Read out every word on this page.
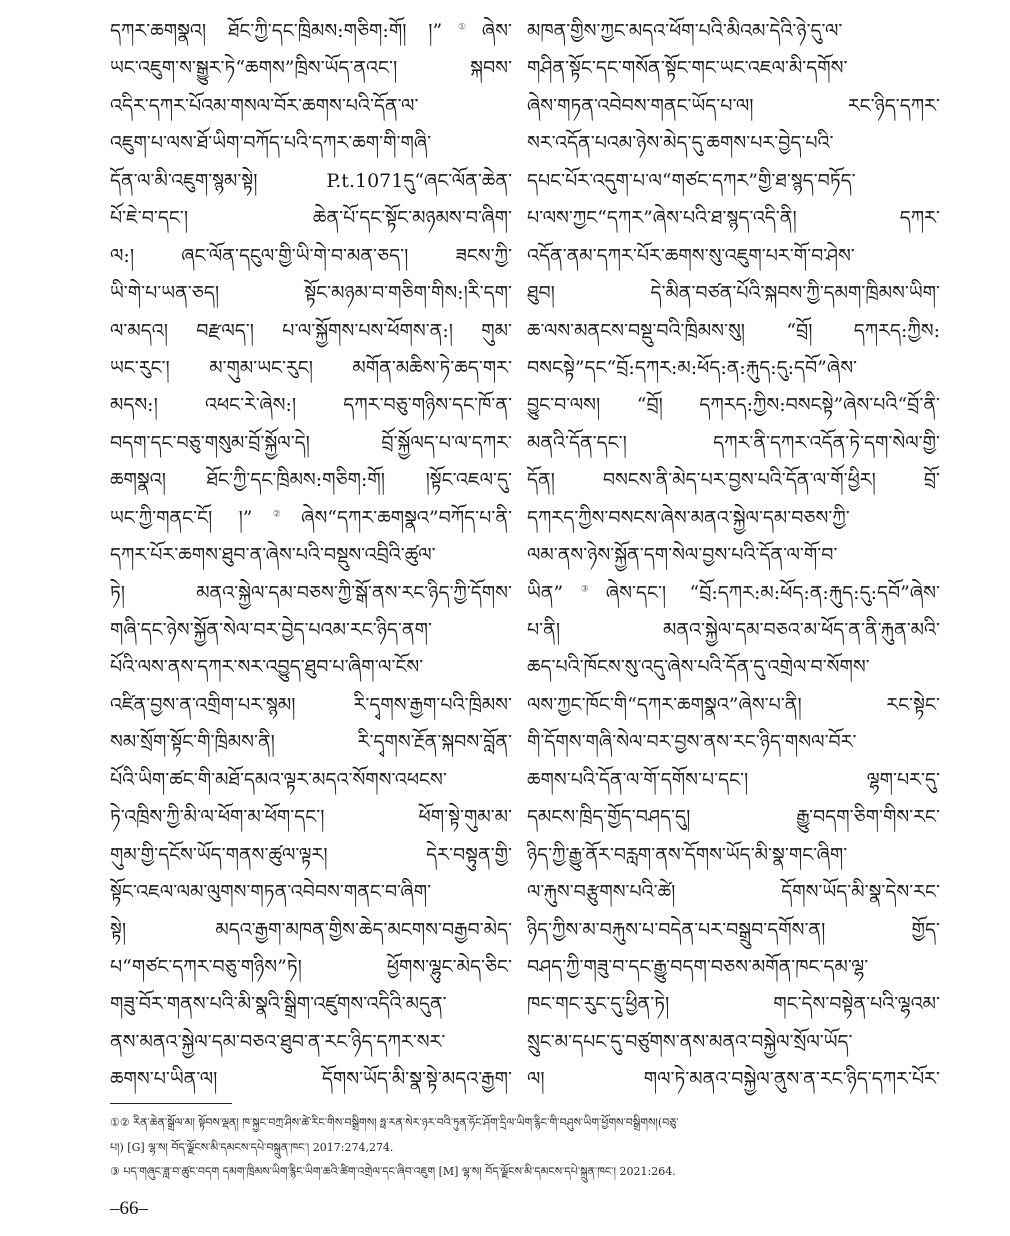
དཀར་ཆགསྣའ། ཐོང་ཀྱི་དང་ཁྲིམས:གཅིག:གོ། །”①ཞེས་
ཡང་འཇུག་ས་སྒྱུར་ཏེ“ཆགས”ཁྲིས་ཡོད་ནའང་། སྐབས་
འདིར་དཀར་པོའམ་གསལ་བོར་ཆགས་པའི་དོན་ལ་
འཇུག་པ་ལས་ཐོ་ཡིག་བཀོད་པའི་དཀར་ཆག་གི་གཞི་
དོན་ལ་མི་འཇུག་སྙམ་སྟེ། P.t.1071དུ“ཞང་ལོན་ཆེན་
པོ་ཇེ་བ་དང་། ཆེན་པོ་དང་སྟོང་མཉམས་བ་ཞིག་
ལ:། ཞང་ལོན་དངུལ་གྱི་ཡི་གེ་བ་མན་ཅད་། ཟངས་ཀྱི་
ཡི་གེ་པ་ཡན་ཅད། སྟོང་མཉམ་བ་གཅིག་གིས:།རི་དག་
ལ་མདའ། བརྫལད་། པ་ལ་སྐྱོགས་པས་ཕོགས་ན:། གུམ་
ཡང་རུང་། མ་གུམ་ཡང་རུང། མགོན་མཆིས་ཏེ་ཆད་གར་
མདས:། འཕང་རེ་ཞེས:། དཀར་བཅུ་གཉིས་དང་ཁོ་ན་
བདག་དང་བཅུ་གསུམ་བྲོ་སྐྱོལ་དེ། བྲོ་སྐྱོལད་པ་ལ་དཀར་
ཆགསྣའ། ཐོང་ཀྱི་དང་ཁྲིམས:གཅིག:གོ། །སྟོང་འཇལ་དུ་
ཡང་ཀྱི་གནང་ངོ། །”②ཞེས“དཀར་ཆགསྣའ”བཀོད་པ་ནི་
དཀར་པོར་ཆགས་ཐུབ་ན་ཞེས་པའི་བསྡུས་འབྲིའི་ཚུལ་
ཏེ། མནའ་སྐྱེལ་དམ་བཅས་ཀྱི་སྒོ་ནས་རང་ཉིད་ཀྱི་དོགས་
གཞི་དང་ཉེས་སྐྱོན་སེལ་བར་བྱེད་པའམ་རང་ཉིད་ནག་
པོའི་ལས་ནས་དཀར་སར་འབྱུད་ཐུབ་པ་ཞིག་ལ་ངོས་
འཛིན་བྱས་ན་འགྲིག་པར་སྙམ། རི་དྭགས་རྒྱག་པའི་ཁྲིམས་
སམ་སྲོག་སྟོང་གི་ཁྲིམས་ནི། རི་དྭགས་རྔོན་སྐབས་བློན་
པོའི་ཡིག་ཚང་གི་མཐོ་དམའ་ལྟར་མདའ་སོགས་འཕངས་
ཏེ་འཁྲིས་ཀྱི་མི་ལ་ཕོག་མ་ཕོག་དང་། ཕོག་སྟེ་གུམ་མ་
གུམ་གྱི་དངོས་ཡོད་གནས་ཚུལ་ལྟར། དེར་བསྟུན་གྱི་
སྟོང་འཇལ་ལམ་ལུགས་གཏན་འབེབས་གནང་བ་ཞིག་
སྟེ། མདའ་རྒྱག་མཁན་གྱིས་ཆེད་མངགས་བརྒྱབ་མེད་
པ“གཙང་དཀར་བཅུ་གཉིས”ཏེ། ཕྱོགས་ལྷུང་མེད་ཅིང་
གཟུ་བོར་གནས་པའི་མི་སྣའི་སྒྲིག་འཛུགས་འདིའི་མདུན་
ནས་མནའ་སྐྱེལ་དམ་བཅའ་ཐུབ་ན་རང་ཉིད་དཀར་སར་
ཆགས་པ་ཡིན་ལ། དོགས་ཡོད་མི་སྣ་སྟེ་མདའ་རྒྱག་
མཁན་གྱིས་ཀྱང་མདའ་ཕོག་པའི་མིའམ་དེའི་ཉེ་དུ་ལ་
གཤིན་སྟོང་དང་གསོན་སྟོང་གང་ཡང་འཇལ་མི་དགོས་
ཞེས་གཏན་འབེབས་གནང་ཡོད་པ་ལ། རང་ཉིད་དཀར་
སར་འདོན་པའམ་ཉེས་མེད་དུ་ཆགས་པར་བྱེད་པའི་
དཔང་པོར་འདུག་པ་ལ“གཙང་དཀར”གྱི་ཐ་སྙད་བཏོད་
པ་ལས་ཀྱང“དཀར”ཞེས་པའི་ཐ་སྙད་འདི་ནི། དཀར་
འདོན་ནམ་དཀར་པོར་ཆགས་སུ་འཇུག་པར་གོ་བ་ཤེས་
ཐུབ། དེ་མིན་བཙན་པོའི་སྐབས་ཀྱི་དམག་ཁྲིམས་ཡིག་
ཆ་ལས་མནངས་བསྡུ་བའི་ཁྲིམས་སུ། “བྲོ། དཀརད:ཀྱིས:
བསངསྟེ”དང“བྲོ:དཀར:མ:ཕོད:ན:རྐུད:དུ:དབོ”ཞེས་
བྱུང་བ་ལས། “བྲོ། དཀརད:ཀྱིས:བསངསྟེ”ཞེས་པའི“བྲོ་ནི་
མནའི་དོན་དང་། དཀར་ནི་དཀར་འདོན་ཏེ་དག་སེལ་གྱི་
དོན། བསངས་ནི་མེད་པར་བྱས་པའི་དོན་ལ་གོ་ཕྱིར། བྲོ་
དཀརད་ཀྱིས་བསངས་ཞེས་མནའ་སྐྱེལ་དམ་བཅས་ཀྱི་
ལམ་ནས་ཉེས་སྐྱོན་དག་སེལ་བྱས་པའི་དོན་ལ་གོ་བ་
ཡིན”③ཞེས་དང་། “བྲོ:དཀར:མ:ཕོད:ན:རྐུད:དུ:དབོ”ཞེས་
པ་ནི། མནའ་སྐྱེལ་དམ་བཅའ་མ་ཕོད་ན་ནི་རྐུན་མའི་
ཆད་པའི་ཁོངས་སུ་འདུ་ཞེས་པའི་དོན་དུ་འགྲེལ་བ་སོགས་
ལས་ཀྱང་ཁོང་གི“དཀར་ཆགསྣའ”ཞེས་པ་ནི། རང་སྟེང་
གི་དོགས་གཞི་སེལ་བར་བྱས་ནས་རང་ཉིད་གསལ་བོར་
ཆགས་པའི་དོན་ལ་གོ་དགོས་པ་དང་། ལྷག་པར་དུ་
དམངས་ཁྲིད་གྱོད་བཤད་དུ། རྒྱུ་བདག་ཅིག་གིས་རང་
ཉིད་ཀྱི་རྒྱུ་ནོར་བརླག་ནས་དོགས་ཡོད་མི་སྣ་གང་ཞིག་
ལ་རྐུས་བརྩུགས་པའི་ཚེ། དོགས་ཡོད་མི་སྣ་དེས་རང་
ཉིད་ཀྱིས་མ་བརྐུས་པ་བདེན་པར་བསྒྲུབ་དགོས་ན། གྱོད་
བཤད་ཀྱི་གཟུ་བ་དང་རྒྱུ་བདག་བཅས་མགོན་ཁང་དམ་ལྷ་
ཁང་གང་རུང་དུ་ཕྱིན་ཏེ། གང་དེས་བསྟེན་པའི་ལྷའམ་
སྲུང་མ་དཔང་དུ་བཙུགས་ནས་མནའ་བསྐྱེལ་སྲོལ་ཡོད་
ལ། གལ་ཏེ་མནའ་བསྐྱེལ་ནུས་ན་རང་ཉིད་དཀར་པོར་
①② རིན་ཆེན་སྒྲོལ་མ། སྟོབས་ལྡན། ཁ་སྐྱང་བཀྲ་ཤིས་ཚེ་རིང་གིས་བསྒྲིགས། ཧྥ་རན་སེར་ཉར་བའི་ཏུན་ཧོང་ཤོག་དྲིལ་ཡིག་རྙིང་གི་བཤུས་ཡིག་ཕྱོགས་བསྒྲིགས།(བཅུ་
པ།) [G] ལྷ་ས། བོད་ལྗོངས་མི་དམངས་དཔེ་བསྐྲུན་ཁང་། 2017:274,274.
③ པད་གཞུང་ཟླ་བ་ཚུང་བདག དམག་ཁྲིམས་ཡིག་རྙིང་ཡིག་ཆའི་ཚིག་འགྲེལ་དང་ཞིབ་འཇུག [M] ལྷ་ས། བོད་ལྗོངས་མི་དམངས་དཔེ་སྐྲུན་ཁང་། 2021:264.
–66–
